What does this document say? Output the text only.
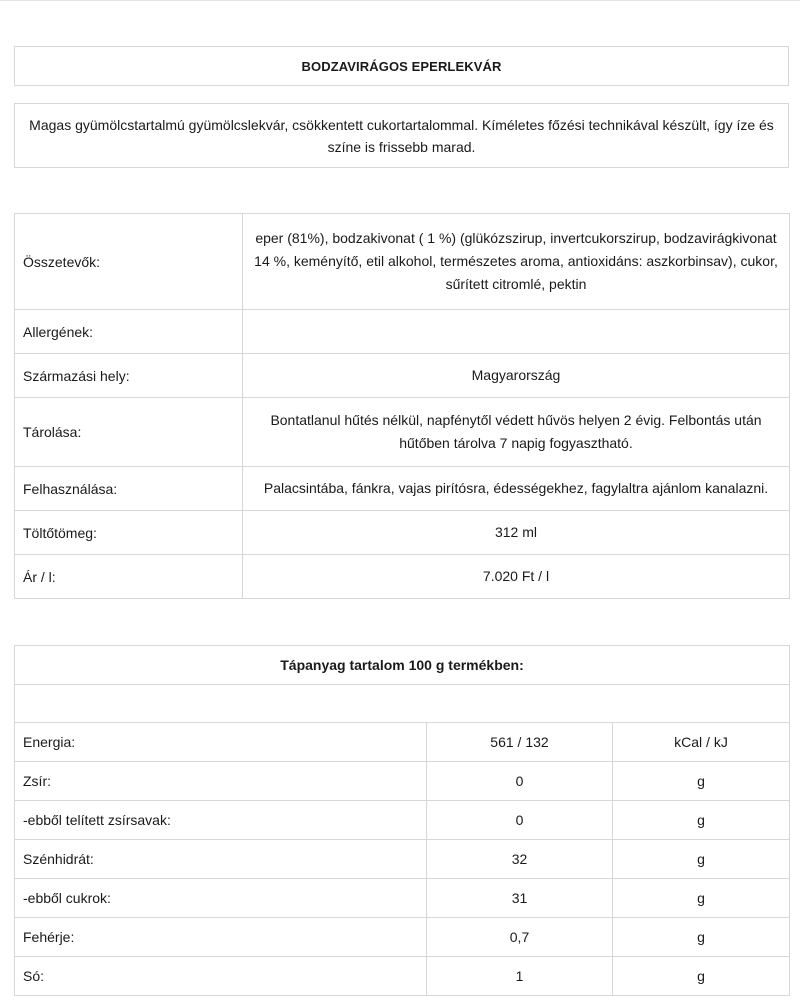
BODZAVIRÁGOS EPERLEKVÁR
Magas gyümölcstartalmú gyümölcslekvár, csökkentett cukortartalommal. Kíméletes főzési technikával készült, így íze és színe is frissebb marad.
Összetevők:	eper (81%), bodzakivonat ( 1 %) (glükózszirup, invertcukorszirup, bodzavirágkivonat 14 %, keményítő, etil alkohol, természetes aroma, antioxidáns: aszkorbinsav), cukor, sűrített citromlé, pektin
Allergének:	
Származási hely:	Magyarország
Tárolása:	Bontatlanul hűtés nélkül, napfénytől védett hűvös helyen 2 évig. Felbontás után hűtőben tárolva 7 napig fogyasztható.
Felhasználása:	Palacsintába, fánkra, vajas pirítósra, édességekhez, fagylaltra ajánlom kanalazni.
Töltőtömeg:	312 ml
Ár / l:	7.020 Ft / l
Tápanyag tartalom 100 g termékben:		

Energia:	561 / 132	kCal / kJ
Zsír:	0	g
-ebből telített zsírsavak:	0	g
Szénhidrát:	32	g
-ebből cukrok:	31	g
Fehérje:	0,7	g
Só:	1	g
